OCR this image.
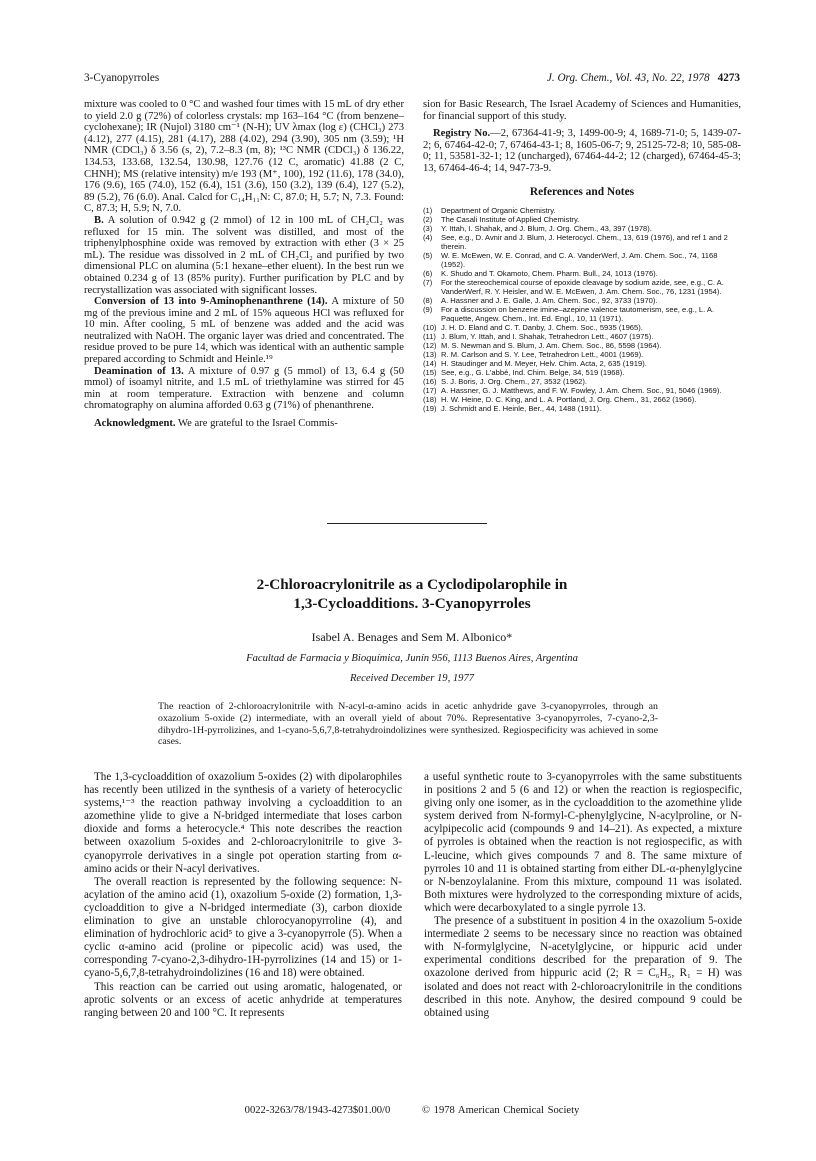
3-Cyanopyrroles	J. Org. Chem., Vol. 43, No. 22, 1978 4273

mixture was cooled to 0 °C and washed four times with 15 mL of dry ether to yield 2.0 g (72%) of colorless crystals: mp 163–164 °C (from benzene–cyclohexane); IR (Nujol) 3180 cm⁻¹ (N-H); UV λmax (log ε) (CHCl₃) 273 (4.12), 277 (4.15), 281 (4.17), 288 (4.02), 294 (3.90), 305 nm (3.59); ¹H NMR (CDCl₃) δ 3.56 (s, 2), 7.2–8.3 (m, 8); ¹³C NMR (CDCl₃) δ 136.22, 134.53, 133.68, 132.54, 130.98, 127.76 (12 C, aromatic) 41.88 (2 C, CHNH); MS (relative intensity) m/e 193 (M⁺, 100), 192 (11.6), 178 (34.0), 176 (9.6), 165 (74.0), 152 (6.4), 151 (3.6), 150 (3.2), 139 (6.4), 127 (5.2), 89 (5.2), 76 (6.0). Anal. Calcd for C₁₄H₁₁N: C, 87.0; H, 5.7; N, 7.3. Found: C, 87.3; H, 5.9; N, 7.0.

B. A solution of 0.942 g (2 mmol) of 12 in 100 mL of CH₂Cl₂ was refluxed for 15 min. The solvent was distilled, and most of the triphenylphosphine oxide was removed by extraction with ether (3 × 25 mL). The residue was dissolved in 2 mL of CH₂Cl₂ and purified by two dimensional PLC on alumina (5:1 hexane–ether eluent). In the best run we obtained 0.234 g of 13 (85% purity). Further purification by PLC and by recrystallization was associated with significant losses.

Conversion of 13 into 9-Aminophenanthrene (14). A mixture of 50 mg of the previous imine and 2 mL of 15% aqueous HCl was refluxed for 10 min. After cooling, 5 mL of benzene was added and the acid was neutralized with NaOH. The organic layer was dried and concentrated. The residue proved to be pure 14, which was identical with an authentic sample prepared according to Schmidt and Heinle.¹⁹

Deamination of 13. A mixture of 0.97 g (5 mmol) of 13, 6.4 g (50 mmol) of isoamyl nitrite, and 1.5 mL of triethylamine was stirred for 45 min at room temperature. Extraction with benzene and column chromatography on alumina afforded 0.63 g (71%) of phenanthrene.

Acknowledgment. We are grateful to the Israel Commis-

sion for Basic Research, The Israel Academy of Sciences and Humanities, for financial support of this study.

Registry No.—2, 67364-41-9; 3, 1499-00-9; 4, 1689-71-0; 5, 1439-07-2; 6, 67464-42-0; 7, 67464-43-1; 8, 1605-06-7; 9, 25125-72-8; 10, 585-08-0; 11, 53581-32-1; 12 (uncharged), 67464-44-2; 12 (charged), 67464-45-3; 13, 67464-46-4; 14, 947-73-9.

References and Notes
(1)	Department of Organic Chemistry.
(2)	The Casali Institute of Applied Chemistry.
(3)	Y. Ittah, I. Shahak, and J. Blum, J. Org. Chem., 43, 397 (1978).
(4)	See, e.g., D. Avnir and J. Blum, J. Heterocycl. Chem., 13, 619 (1976), and ref 1 and 2 therein.
(5)	W. E. McEwen, W. E. Conrad, and C. A. VanderWerf, J. Am. Chem. Soc., 74, 1168 (1952).
(6)	K. Shudo and T. Okamoto, Chem. Pharm. Bull., 24, 1013 (1976).
(7)	For the stereochemical course of epoxide cleavage by sodium azide, see, e.g., C. A. VanderWerf, R. Y. Heisler, and W. E. McEwen, J. Am. Chem. Soc., 76, 1231 (1954).
(8)	A. Hassner and J. E. Galle, J. Am. Chem. Soc., 92, 3733 (1970).
(9)	For a discussion on benzene imine–azepine valence tautomerism, see, e.g., L. A. Paquette, Angew. Chem., Int. Ed. Engl., 10, 11 (1971).
(10) J. H. D. Eland and C. T. Danby, J. Chem. Soc., 5935 (1965).
(11) J. Blum, Y. Ittah, and I. Shahak, Tetrahedron Lett., 4607 (1975).
(12) M. S. Newman and S. Blum, J. Am. Chem. Soc., 86, 5598 (1964).
(13) R. M. Carlson and S. Y. Lee, Tetrahedron Lett., 4001 (1969).
(14) H. Staudinger and M. Meyer, Helv. Chim. Acta, 2, 635 (1919).
(15) See, e.g., G. L'abbé, Ind. Chim. Belge, 34, 519 (1968).
(16) S. J. Boris, J. Org. Chem., 27, 3532 (1962).
(17) A. Hassner, G. J. Matthews, and F. W. Fowley, J. Am. Chem. Soc., 91, 5046 (1969).
(18) H. W. Heine, D. C. King, and L. A. Portland, J. Org. Chem., 31, 2662 (1966).
(19) J. Schmidt and E. Heinle, Ber., 44, 1488 (1911).
2-Chloroacrylonitrile as a Cyclodipolarophile in
1,3-Cycloadditions. 3-Cyanopyrroles
Isabel A. Benages and Sem M. Albonico*
Facultad de Farmacia y Bioquímica, Junín 956, 1113 Buenos Aires, Argentina
Received December 19, 1977
The reaction of 2-chloroacrylonitrile with N-acyl-α-amino acids in acetic anhydride gave 3-cyanopyrroles, through an oxazolium 5-oxide (2) intermediate, with an overall yield of about 70%. Representative 3-cyanopyrroles, 7-cyano-2,3-dihydro-1H-pyrrolizines, and 1-cyano-5,6,7,8-tetrahydroindolizines were synthesized. Regiospecificity was achieved in some cases.

The 1,3-cycloaddition of oxazolium 5-oxides (2) with dipolarophiles has recently been utilized in the synthesis of a variety of heterocyclic systems,¹⁻³ the reaction pathway involving a cycloaddition to an azomethine ylide to give a N-bridged intermediate that loses carbon dioxide and forms a heterocycle.⁴ This note describes the reaction between oxazolium 5-oxides and 2-chloroacrylonitrile to give 3-cyanopyrrole derivatives in a single pot operation starting from α-amino acids or their N-acyl derivatives.

The overall reaction is represented by the following sequence: N-acylation of the amino acid (1), oxazolium 5-oxide (2) formation, 1,3-cycloaddition to give a N-bridged intermediate (3), carbon dioxide elimination to give an unstable chlorocyanopyrroline (4), and elimination of hydrochloric acid⁵ to give a 3-cyanopyrrole (5). When a cyclic α-amino acid (proline or pipecolic acid) was used, the corresponding 7-cyano-2,3-dihydro-1H-pyrrolizines (14 and 15) or 1-cyano-5,6,7,8-tetrahydroindolizines (16 and 18) were obtained.

This reaction can be carried out using aromatic, halogenated, or aprotic solvents or an excess of acetic anhydride at temperatures ranging between 20 and 100 °C. It represents

a useful synthetic route to 3-cyanopyrroles with the same substituents in positions 2 and 5 (6 and 12) or when the reaction is regiospecific, giving only one isomer, as in the cycloaddition to the azomethine ylide system derived from N-formyl-C-phenylglycine, N-acylproline, or N-acylpipecolic acid (compounds 9 and 14–21). As expected, a mixture of pyrroles is obtained when the reaction is not regiospecific, as with L-leucine, which gives compounds 7 and 8. The same mixture of pyrroles 10 and 11 is obtained starting from either DL-α-phenylglycine or N-benzoylalanine. From this mixture, compound 11 was isolated. Both mixtures were hydrolyzed to the corresponding mixture of acids, which were decarboxylated to a single pyrrole 13.

The presence of a substituent in position 4 in the oxazolium 5-oxide intermediate 2 seems to be necessary since no reaction was obtained with N-formylglycine, N-acetylglycine, or hippuric acid under experimental conditions described for the preparation of 9. The oxazolone derived from hippuric acid (2; R = C₆H₅, R₁ = H) was isolated and does not react with 2-chloroacrylonitrile in the conditions described in this note. Anyhow, the desired compound 9 could be obtained using

0022-3263/78/1943-4273$01.00/0	© 1978 American Chemical Society
